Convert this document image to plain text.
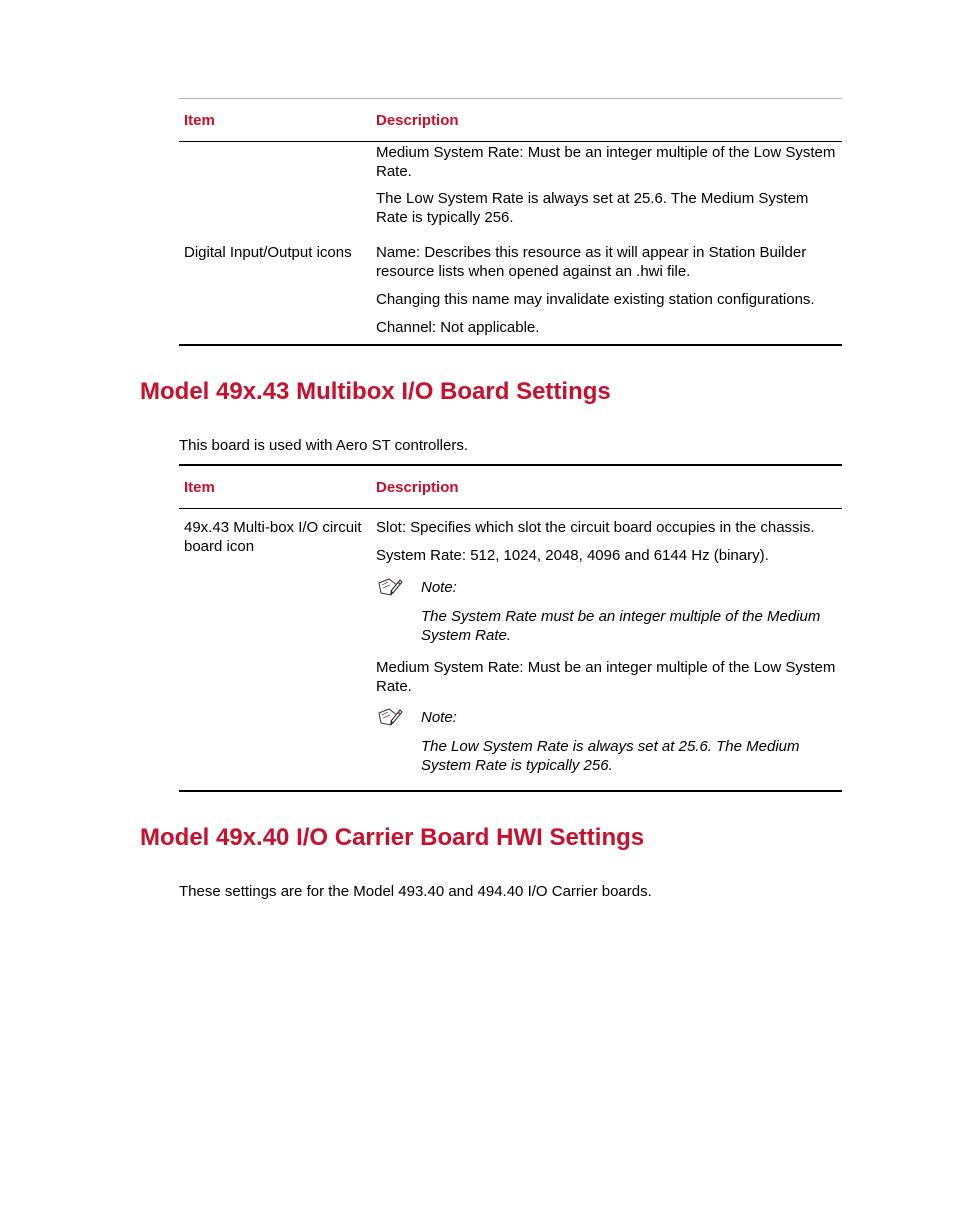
Item	Description
Medium System Rate: Must be an integer multiple of the Low System
Rate.
The Low System Rate is always set at 25.6. The Medium System
Rate is typically 256.
Digital Input/Output icons Name: Describes this resource as it will appear in Station Builder
resource lists when opened against an .hwi file.
Changing this name may invalidate existing station configurations.
Channel: Not applicable.
Model 49x.43 Multibox I/O Board Settings
This board is used with Aero ST controllers.
Item	Description
49x.43 Multi-box I/O circuit
board icon
Slot: Specifies which slot the circuit board occupies in the chassis.
System Rate: 512, 1024, 2048, 4096 and 6144 Hz (binary).
Note:
The System Rate must be an integer multiple of the Medium
System Rate.
Medium System Rate: Must be an integer multiple of the Low System
Rate.
Note:
The Low System Rate is always set at 25.6. The Medium
System Rate is typically 256.
Model 49x.40 I/O Carrier Board HWI Settings
These settings are for the Model 493.40 and 494.40 I/O Carrier boards.
